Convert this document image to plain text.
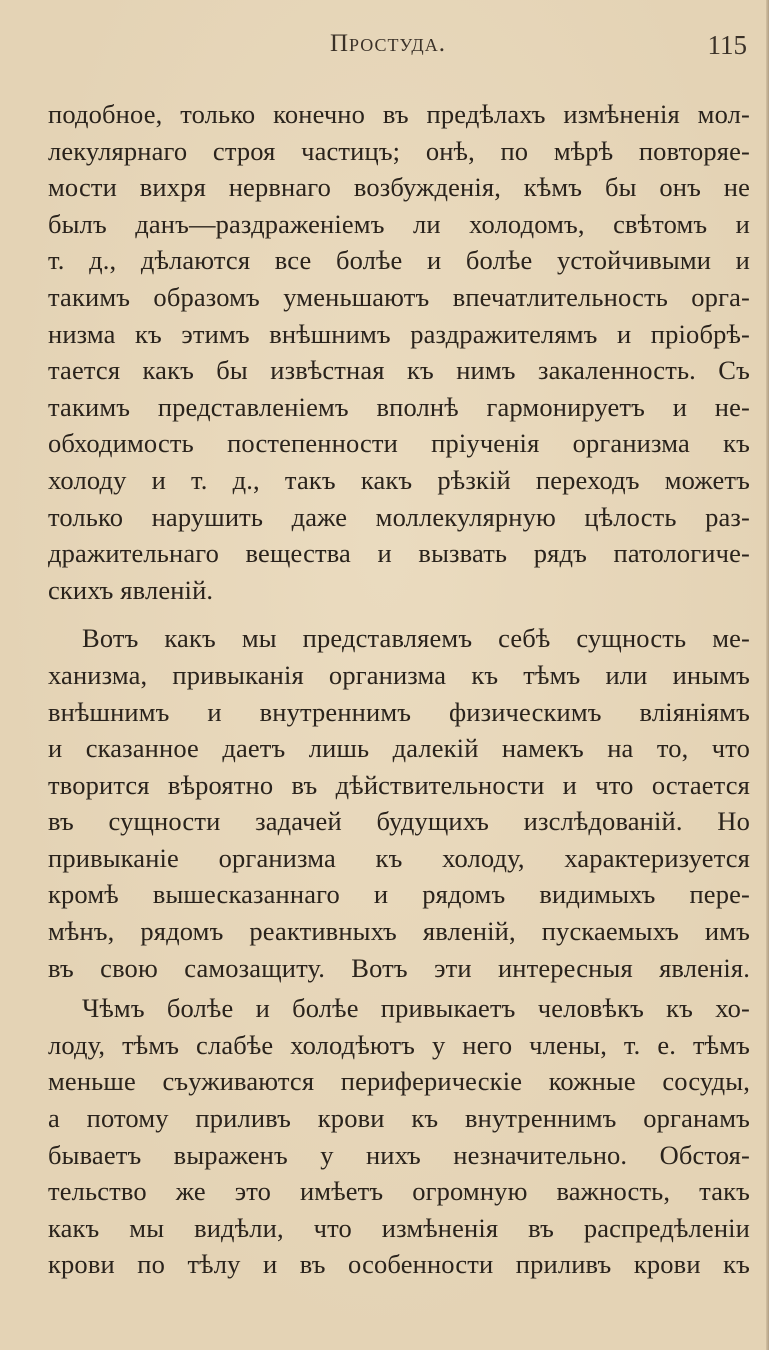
Простуда.	115
подобное, только конечно въ предѣлахъ измѣненія мол-
лекулярнаго строя частицъ; онѣ, по мѣрѣ повторяе-
мости вихря нервнаго возбужденія, кѣмъ бы онъ не
былъ данъ—раздраженіемъ ли холодомъ, свѣтомъ и
т. д., дѣлаются все болѣе и болѣе устойчивыми и
такимъ образомъ уменьшаютъ впечатлительность орга-
низма къ этимъ внѣшнимъ раздражителямъ и пріобрѣ-
тается какъ бы извѣстная къ нимъ закаленность. Съ
такимъ представленіемъ вполнѣ гармонируетъ и не-
обходимость постепенности пріученія организма къ
холоду и т. д., такъ какъ рѣзкій переходъ можетъ
только нарушить даже моллекулярную цѣлость раз-
дражительнаго вещества и вызвать рядъ патологиче-
скихъ явленій.
Вотъ какъ мы представляемъ себѣ сущность ме-
ханизма, привыканія организма къ тѣмъ или инымъ
внѣшнимъ и внутреннимъ физическимъ вліяніямъ
и сказанное даетъ лишь далекій намекъ на то, что
творится вѣроятно въ дѣйствительности и что остается
въ сущности задачей будущихъ изслѣдованій. Но
привыканіе организма къ холоду, характеризуется
кромѣ вышесказаннаго и рядомъ видимыхъ пере-
мѣнъ, рядомъ реактивныхъ явленій, пускаемыхъ имъ
въ свою самозащиту. Вотъ эти интересныя явленія.
Чѣмъ болѣе и болѣе привыкаетъ человѣкъ къ хо-
лоду, тѣмъ слабѣе холодѣютъ у него члены, т. е. тѣмъ
меньше съуживаются периферическіе кожные сосуды,
а потому приливъ крови къ внутреннимъ органамъ
бываетъ выраженъ у нихъ незначительно. Обстоя-
тельство же это имѣетъ огромную важность, такъ
какъ мы видѣли, что измѣненія въ распредѣленіи
крови по тѣлу и въ особенности приливъ крови къ
